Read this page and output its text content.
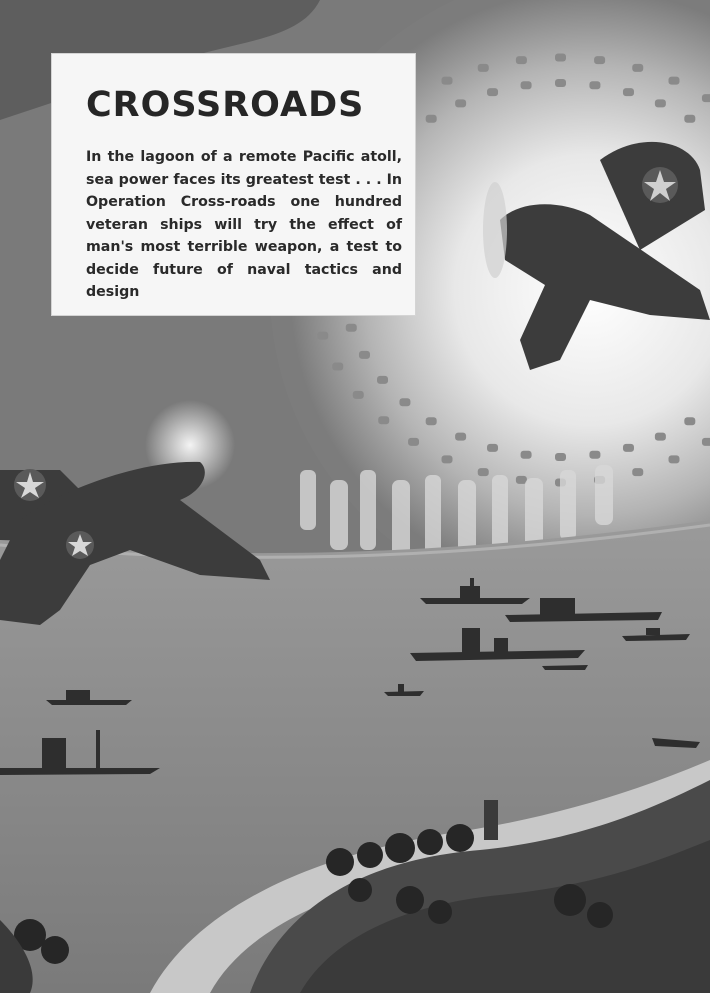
CROSSROADS

In the lagoon of a remote Pacific atoll, sea power faces its greatest test . . . In Operation Cross-roads one hundred veteran ships will try the effect of man's most terrible weapon, a test to decide future of naval tactics and design
